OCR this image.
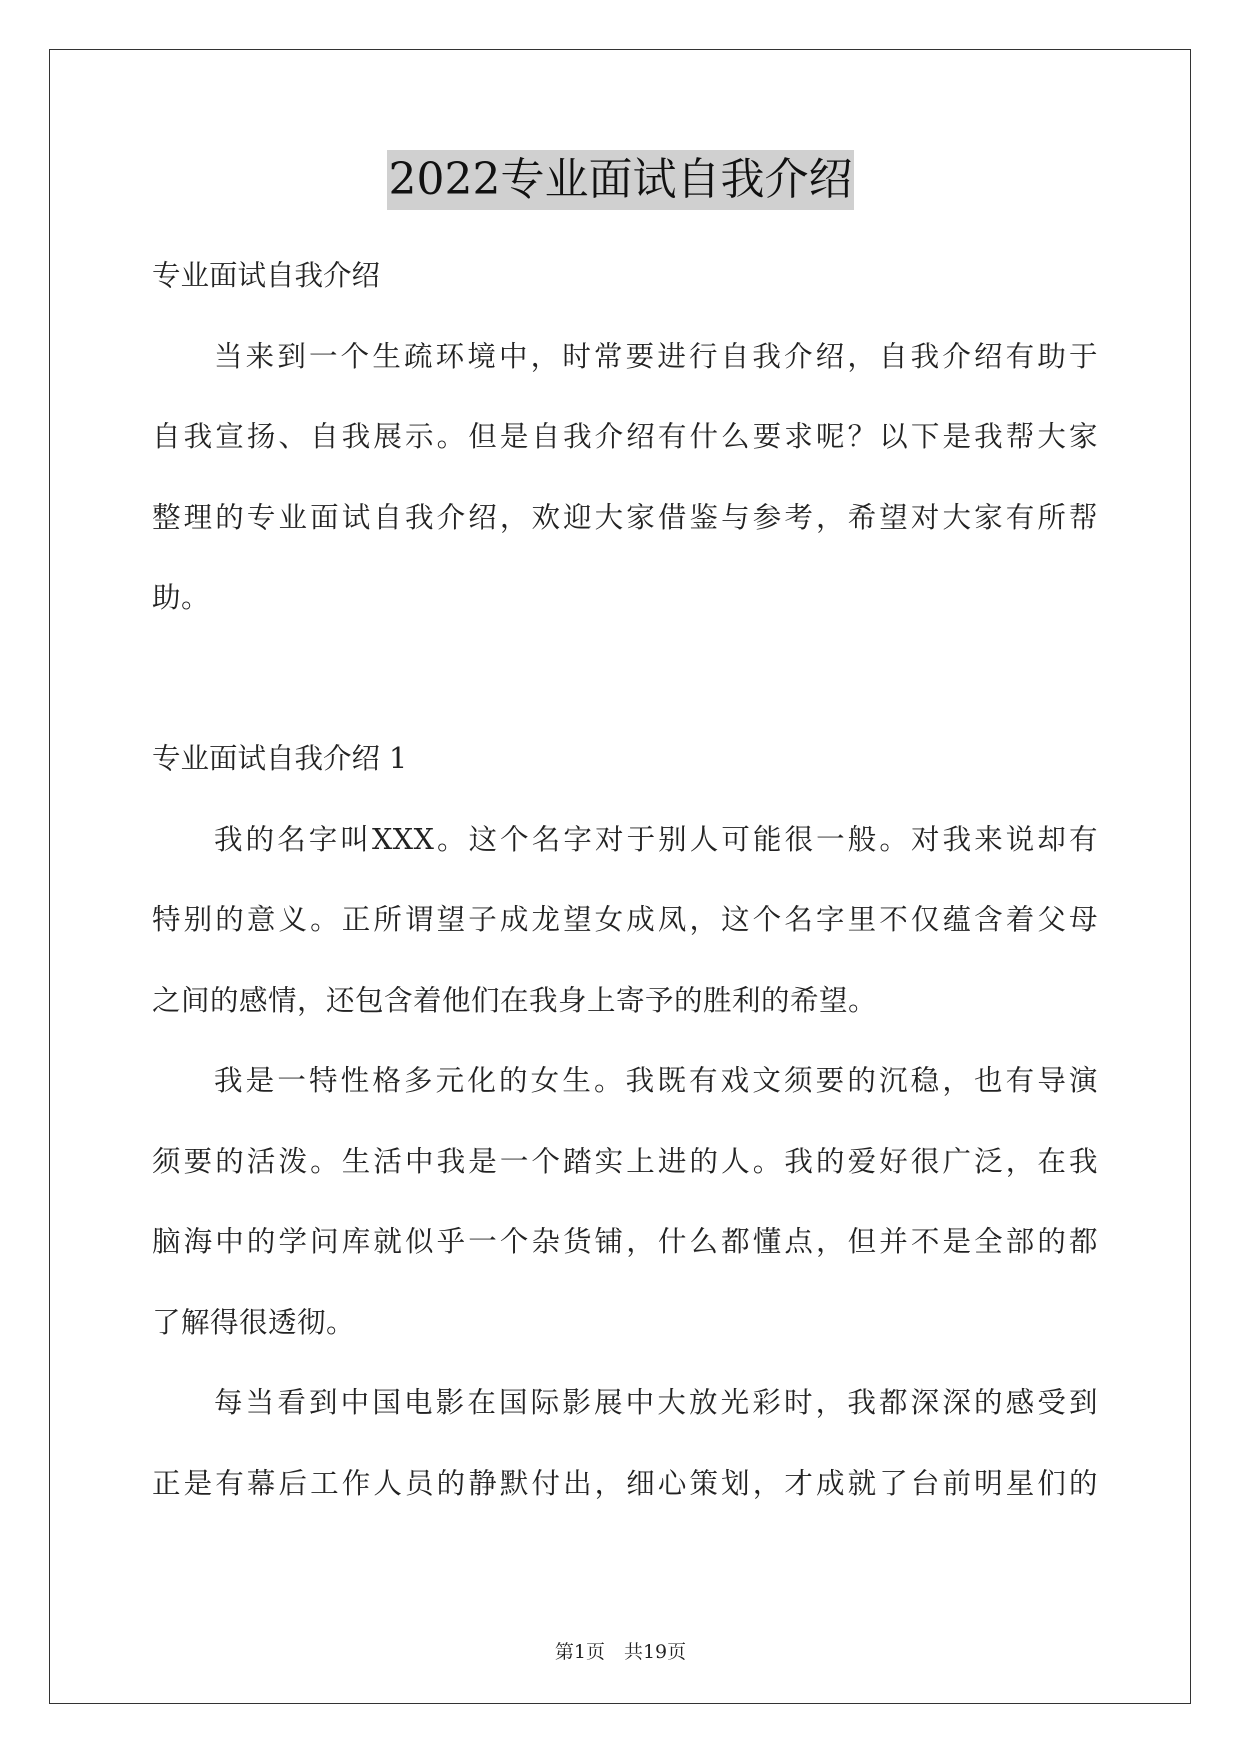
2022专业面试自我介绍
专业面试自我介绍
当来到一个生疏环境中，时常要进行自我介绍，自我介绍有助于
自我宣扬、自我展示。但是自我介绍有什么要求呢？以下是我帮大家
整理的专业面试自我介绍，欢迎大家借鉴与参考，希望对大家有所帮
助。
专业面试自我介绍 1
我的名字叫XXX。这个名字对于别人可能很一般。对我来说却有
特别的意义。正所谓望子成龙望女成凤，这个名字里不仅蕴含着父母
之间的感情，还包含着他们在我身上寄予的胜利的希望。
我是一特性格多元化的女生。我既有戏文须要的沉稳，也有导演
须要的活泼。生活中我是一个踏实上进的人。我的爱好很广泛，在我
脑海中的学问库就似乎一个杂货铺，什么都懂点，但并不是全部的都
了解得很透彻。
每当看到中国电影在国际影展中大放光彩时，我都深深的感受到
正是有幕后工作人员的静默付出，细心策划，才成就了台前明星们的
第1页　共19页
